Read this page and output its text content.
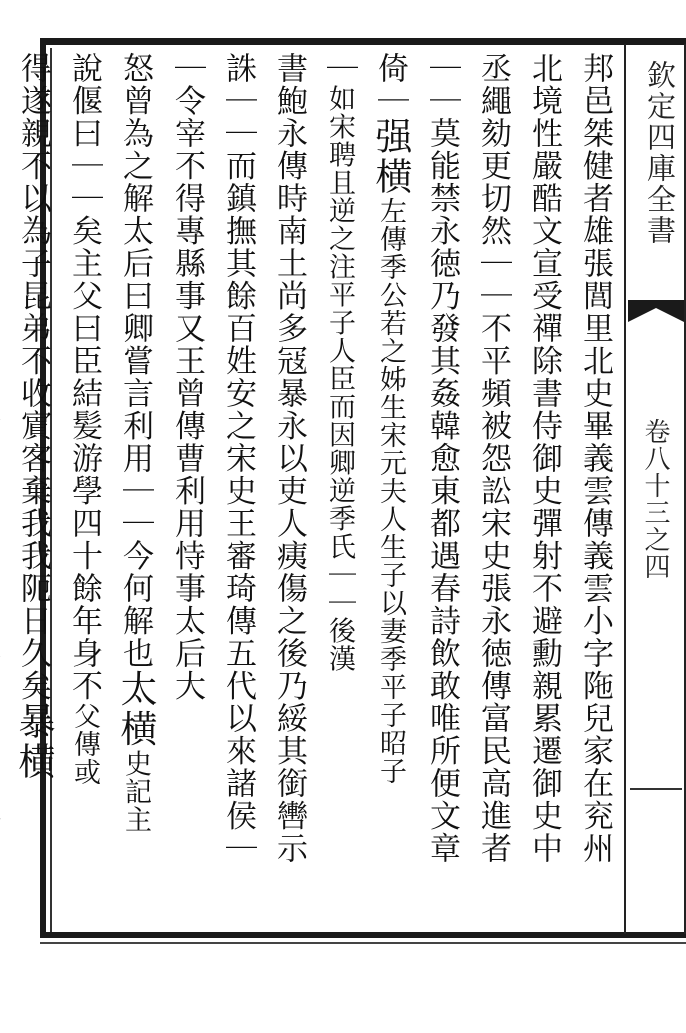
欽定四庫全書
卷八十三之四
邦邑桀健者雄張閭里北史畢義雲傳義雲小字陁兒家在兖州
北境性嚴酷文宣受禪除書侍御史彈射不避勳親累遷御史中
丞繩劾更切然｜｜不平頻被怨訟宋史張永徳傳富民高進者
｜｜莫能禁永徳乃發其姦韓愈東都遇春詩飲敢唯所便文章
倚｜强横左傳季公若之姊生宋元夫人生子以妻季平子昭子
｜如宋聘且逆之注平子人臣而因卿逆季氏｜｜後漢
書鮑永傳時南土尚多冦暴永以吏人痍傷之後乃綏其銜轡示
誅｜｜而鎮撫其餘百姓安之宋史王審琦傳五代以來諸侯｜
｜令宰不得專縣事又王曾傳曹利用恃事太后大
怒曾為之解太后曰卿嘗言利用｜｜今何解也太横史記主
說偃曰｜｜矣主父曰臣結髪游學四十餘年身不父傳或
得遂親不以為子昆弟不收賔客棄我我阨日久矣暴横
